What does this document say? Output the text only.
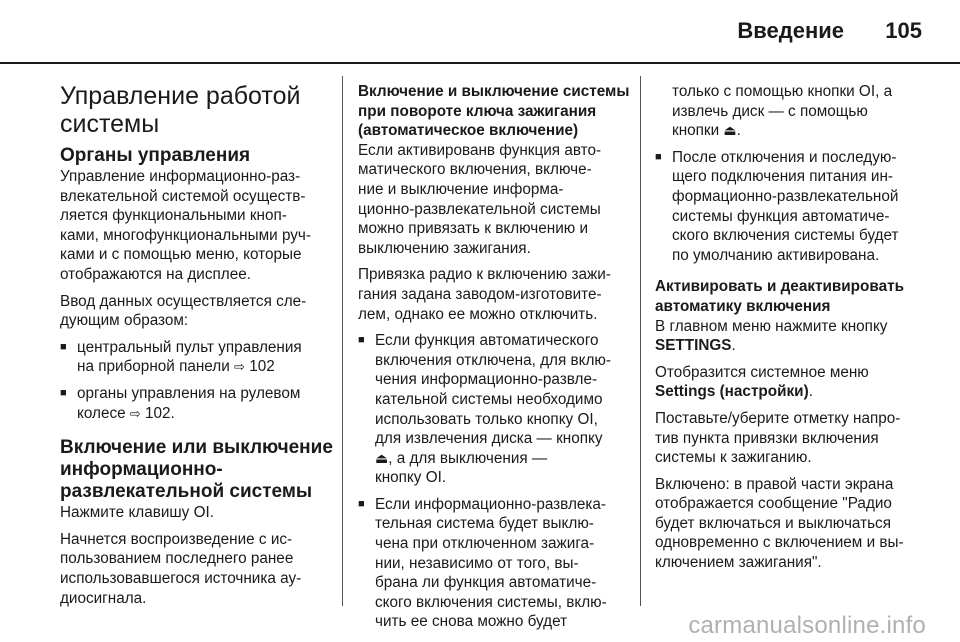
Введение 105
Управление работой
системы
Органы управления

Управление информационно-раз-
влекательной системой осуществ-
ляется функциональными кноп-
ками, многофункциональными руч-
ками и с помощью меню, которые
отображаются на дисплее.

Ввод данных осуществляется сле-
дующим образом:

■ центральный пульт управления
на приборной панели ⇨ 102
■ органы управления на рулевом
колесе ⇨ 102.
Включение или выключение
информационно-
развлекательной системы

Нажмите клавишу OI.

Начнется воспроизведение с ис-
пользованием последнего ранее
использовавшегося источника ау-
диосигнала.

Включение и выключение системы
при повороте ключа зажигания
(автоматическое включение)

Если активированв функция авто-
матического включения, включе-
ние и выключение информа-
ционно-развлекательной системы
можно привязать к включению и
выключению зажигания.

Привязка радио к включению зажи-
гания задана заводом-изготовите-
лем, однако ее можно отключить.

■ Если функция автоматического
включения отключена, для вклю-
чения информационно-развле-
кательной системы необходимо
использовать только кнопку OI,
для извлечения диска — кнопку
⏏, а для выключения —
кнопку OI.
■ Если информационно-развлека-
тельная система будет выклю-
чена при отключенном зажига-
нии, независимо от того, вы-
брана ли функция автоматиче-
ского включения системы, вклю-
чить ее снова можно будет

только с помощью кнопки OI, а
извлечь диск — с помощью
кнопки ⏏.

■ После отключения и последую-
щего подключения питания ин-
формационно-развлекательной
системы функция автоматиче-
ского включения системы будет
по умолчанию активирована.
Активировать и деактивировать
автоматику включения

В главном меню нажмите кнопку
SETTINGS.

Отобразится системное меню
Settings (настройки).

Поставьте/уберите отметку напро-
тив пункта привязки включения
системы к зажиганию.

Включено: в правой части экрана
отображается сообщение "Радио
будет включаться и выключаться
одновременно с включением и вы-
ключением зажигания".

carmanualsonline.info
